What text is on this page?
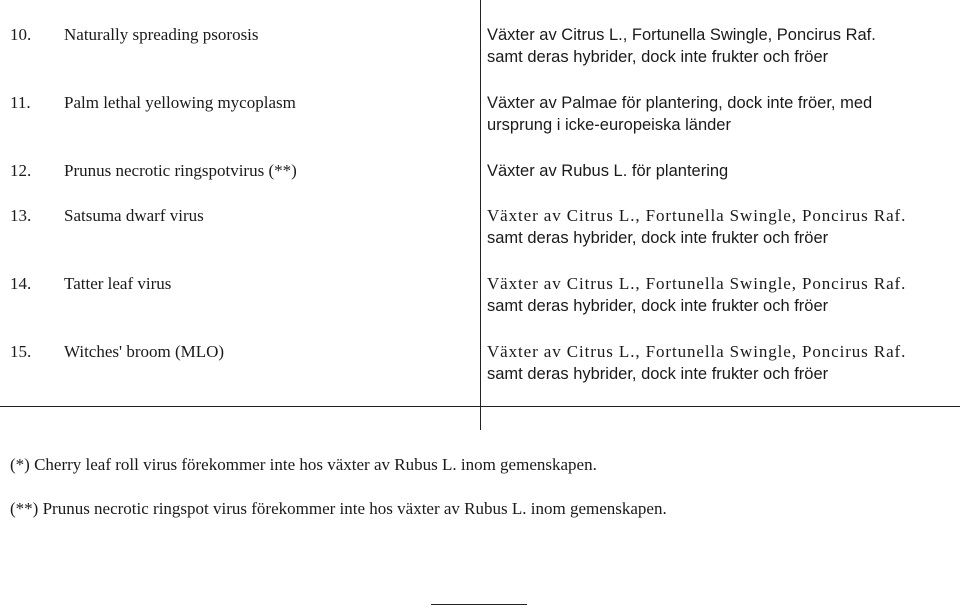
10. Naturally spreading psorosis	Växter av Citrus L., Fortunella Swingle, Poncirus Raf.
samt deras hybrider, dock inte frukter och fröer
11. Palm lethal yellowing mycoplasm	Växter av Palmae för plantering, dock inte fröer, med
ursprung i icke-europeiska länder
12. Prunus necrotic ringspotvirus (**)	Växter av Rubus L. för plantering
13. Satsuma dwarf virus	Växter av Citrus L., Fortunella Swingle, Poncirus Raf.
samt deras hybrider, dock inte frukter och fröer
14. Tatter leaf virus	Växter av Citrus L., Fortunella Swingle, Poncirus Raf.
samt deras hybrider, dock inte frukter och fröer
15. Witches' broom (MLO)	Växter av Citrus L., Fortunella Swingle, Poncirus Raf.
samt deras hybrider, dock inte frukter och fröer
(*) Cherry leaf roll virus förekommer inte hos växter av Rubus L. inom gemenskapen.
(**) Prunus necrotic ringspot virus förekommer inte hos växter av Rubus L. inom gemenskapen.
